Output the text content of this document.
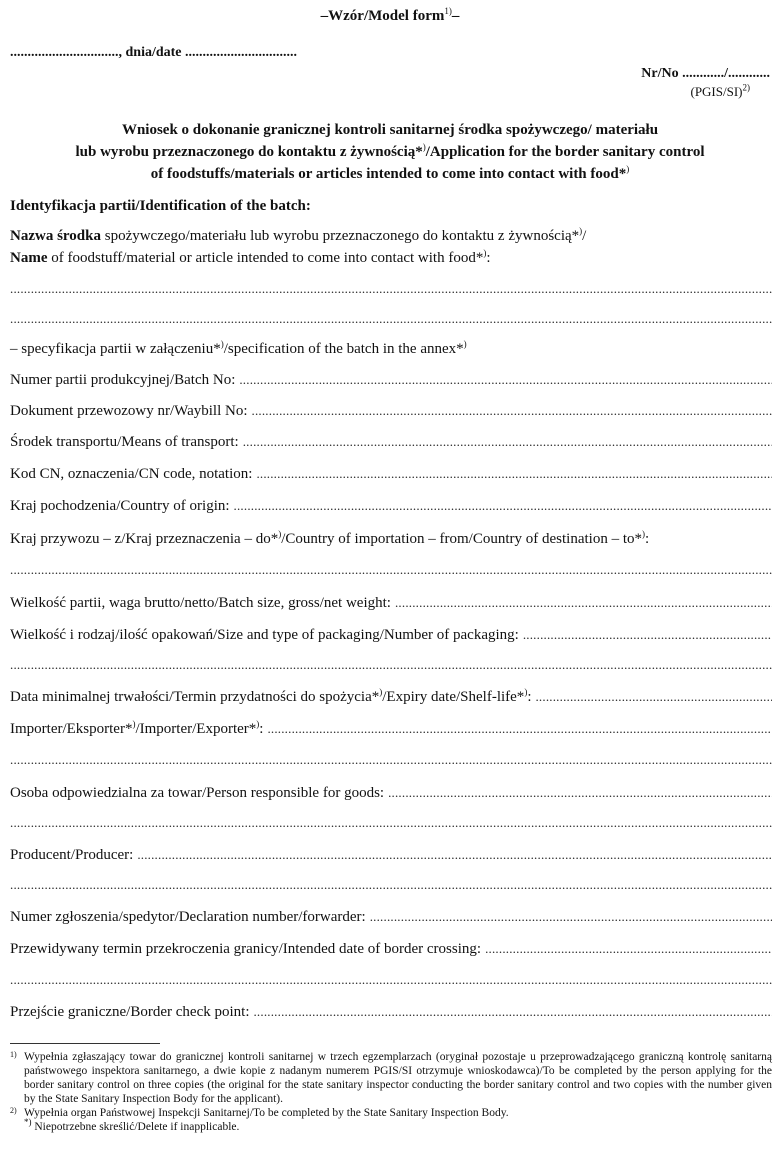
–Wzór/Model form$^{1)}$–
..............................., dnia/date ................................
Nr/No ............/............
(PGIS/SI)$^{2)}$
Wniosek o dokonanie granicznej kontroli sanitarnej środka spożywczego/ materiału
lub wyrobu przeznaczonego do kontaktu z żywnością*)/Application for the border sanitary control
of foodstuffs/materials or articles intended to come into contact with food*)
Identyfikacja partii/Identification of the batch:
Nazwa środka spożywczego/materiału lub wyrobu przeznaczonego do kontaktu z żywnością*)/
Name of foodstuff/material or article intended to come into contact with food*):
.....
.....
– specyfikacja partii w załączeniu*)/specification of the batch in the annex*)
Numer partii produkcyjnej/Batch No:
.....
Dokument przewozowy nr/Waybill No:
.....
Środek transportu/Means of transport:
.....
Kod CN, oznaczenia/CN code, notation:
.....
Kraj pochodzenia/Country of origin:
.....
Kraj przywozu – z/Kraj przeznaczenia – do*)/Country of importation – from/Country of destination – to*):
.....
Wielkość partii, waga brutto/netto/Batch size, gross/net weight:
.....
Wielkość i rodzaj/ilość opakowań/Size and type of packaging/Number of packaging:
.....
.....
Data minimalnej trwałości/Termin przydatności do spożycia*)/Expiry date/Shelf-life*):
.....
Importer/Eksporter*)/Importer/Exporter*):
.....
.....
Osoba odpowiedzialna za towar/Person responsible for goods:
.....
.....
Producent/Producer:
.....
.....
Numer zgłoszenia/spedytor/Declaration number/forwarder:
.....
Przewidywany termin przekroczenia granicy/Intended date of border crossing:
.....
.....
Przejście graniczne/Border check point:
.....
1) Wypełnia zgłaszający towar do granicznej kontroli sanitarnej w trzech egzemplarzach (oryginał pozostaje u przeprowadzającego graniczną kontrolę sanitarną państwowego inspektora sanitarnego, a dwie kopie z nadanym numerem PGIS/SI otrzymuje wnioskodawca)/To be completed by the person applying for the border sanitary control on three copies (the original for the state sanitary inspector conducting the border sanitary control and two copies with the number given by the State Sanitary Inspection Body for the applicant).
2) Wypełnia organ Państwowej Inspekcji Sanitarnej/To be completed by the State Sanitary Inspection Body.
*) Niepotrzebne skreślić/Delete if inapplicable.
